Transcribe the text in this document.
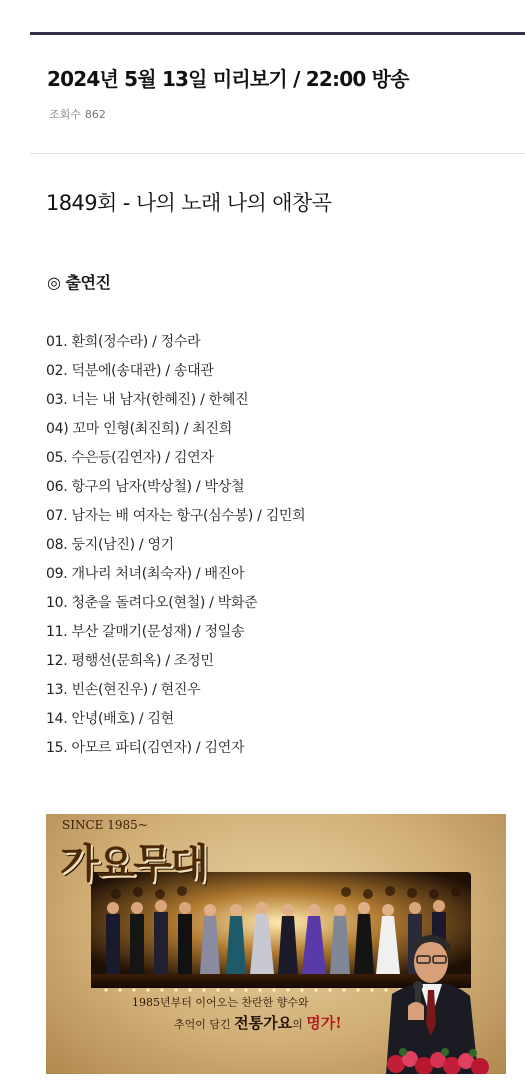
2024년 5월 13일 미리보기 / 22:00 방송
조회수 862
1849회 - 나의 노래 나의 애창곡
◎ 출연진
01. 환희(정수라) / 정수라
02. 덕분에(송대관) / 송대관
03. 너는 내 남자(한혜진) / 한혜진
04) 꼬마 인형(최진희) / 최진희
05. 수은등(김연자) / 김연자
06. 항구의 남자(박상철) / 박상철
07. 남자는 배 여자는 항구(심수봉) / 김민희
08. 둥지(남진) / 영기
09. 개나리 처녀(최숙자) / 배진아
10. 청춘을 돌려다오(현철) / 박화준
11. 부산 갈매기(문성재) / 정일송
12. 평행선(문희옥) / 조정민
13. 빈손(현진우) / 현진우
14. 안녕(배호) / 김현
15. 아모르 파티(김연자) / 김연자
SINCE 1985~
가요무대
1985년부터 이어오는 찬란한 향수와
추억이 담긴 전통가요의 명가!
